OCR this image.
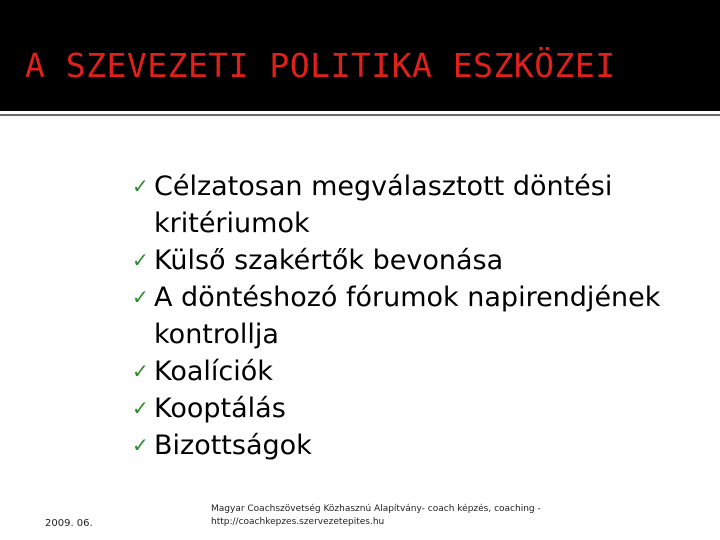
A SZEVEZETI POLITIKA ESZKÖZEI
✓ Célzatosan megválasztott döntési kritériumok
✓ Külső szakértők bevonása
✓ A döntéshozó fórumok napirendjének kontrollja
✓ Koalíciók
✓ Kooptálás
✓ Bizottságok
2009. 06.
Magyar Coachszövetség Közhasznú Alapítvány- coach képzés, coaching -
http://coachkepzes.szervezetepites.hu
